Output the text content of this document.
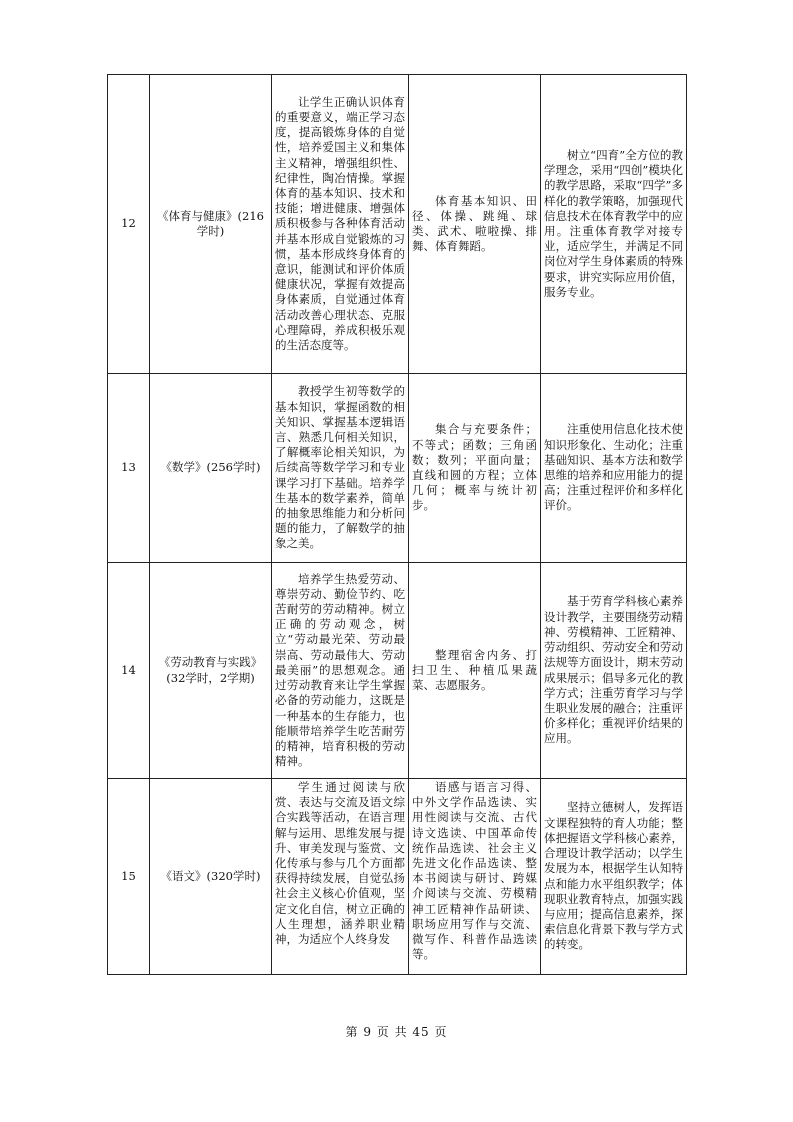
12	《体育与健康》(216学时)	让学生正确认识体育的重要意义，端正学习态度，提高锻炼身体的自觉性，培养爱国主义和集体主义精神，增强组织性、纪律性，陶冶情操。掌握体育的基本知识、技术和技能；增进健康、增强体质积极参与各种体育活动并基本形成自觉锻炼的习惯，基本形成终身体育的意识，能测试和评价体质健康状况，掌握有效提高身体素质，自觉通过体育活动改善心理状态、克服心理障碍，养成积极乐观的生活态度等。	体育基本知识、田径、体操、跳绳、球类、武术、啦啦操、排舞、体育舞蹈。	树立“四育”全方位的教学理念，采用“四创”模块化的教学思路，采取“四学”多样化的教学策略，加强现代信息技术在体育教学中的应用。注重体育教学对接专业，适应学生，并满足不同岗位对学生身体素质的特殊要求，讲究实际应用价值，服务专业。
13	《数学》(256学时)	教授学生初等数学的基本知识，掌握函数的相关知识、掌握基本逻辑语言、熟悉几何相关知识，了解概率论相关知识，为后续高等数学学习和专业课学习打下基础。培养学生基本的数学素养，简单的抽象思维能力和分析问题的能力，了解数学的抽象之美。	集合与充要条件；不等式；函数；三角函数；数列；平面向量；直线和圆的方程；立体几何；概率与统计初步。	注重使用信息化技术使知识形象化、生动化；注重基础知识、基本方法和数学思维的培养和应用能力的提高；注重过程评价和多样化评价。
14	《劳动教育与实践》(32学时，2学期)	培养学生热爱劳动、尊崇劳动、勤俭节约、吃苦耐劳的劳动精神。树立正确的劳动观念，树立“劳动最光荣、劳动最崇高、劳动最伟大、劳动最美丽”的思想观念。通过劳动教育来让学生掌握必备的劳动能力，这既是一种基本的生存能力，也能顺带培养学生吃苦耐劳的精神，培育积极的劳动精神。	整理宿舍内务、打扫卫生、种植瓜果蔬菜、志愿服务。	基于劳育学科核心素养设计教学，主要围绕劳动精神、劳模精神、工匠精神、劳动组织、劳动安全和劳动法规等方面设计，期末劳动成果展示；倡导多元化的教学方式；注重劳育学习与学生职业发展的融合；注重评价多样化；重视评价结果的应用。
15	《语文》(320学时)	学生通过阅读与欣赏、表达与交流及语文综合实践等活动，在语言理解与运用、思维发展与提升、审美发现与鉴赏、文化传承与参与几个方面都获得持续发展，自觉弘扬社会主义核心价值观，坚定文化自信，树立正确的人生理想，涵养职业精神，为适应个人终身发	语感与语言习得、中外文学作品选读、实用性阅读与交流、古代诗文选读、中国革命传统作品选读、社会主义先进文化作品选读、整本书阅读与研讨、跨媒介阅读与交流、劳模精神工匠精神作品研读、职场应用写作与交流、微写作、科普作品选读等。	坚持立德树人，发挥语文课程独特的育人功能；整体把握语文学科核心素养，合理设计教学活动；以学生发展为本，根据学生认知特点和能力水平组织教学；体现职业教育特点，加强实践与应用；提高信息素养，探索信息化背景下教与学方式的转变。
第 9 页 共 45 页
